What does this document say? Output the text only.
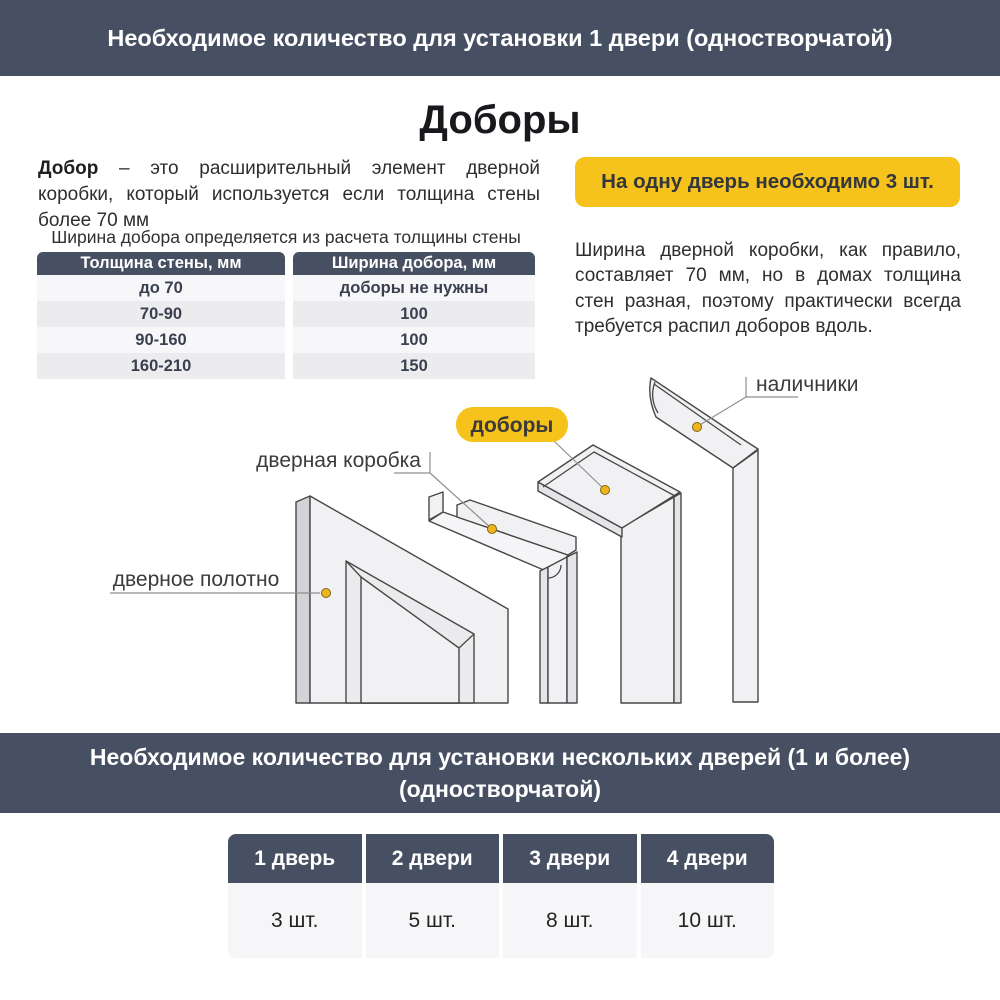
Необходимое количество для установки 1 двери (одностворчатой)
Доборы
Добор – это расширительный элемент дверной коробки, который используется если толщина стены более 70 мм
Ширина добора определяется из расчета толщины стены
Толщина стены, мм	Ширина добора, мм
до 70	доборы не нужны
70-90	100
90-160	100
160-210	150
На одну дверь необходимо 3 шт.
Ширина дверной коробки, как правило, составляет 70 мм, но в домах толщина стен разная, поэтому практически всегда требуется распил доборов вдоль.
дверное полотно
дверная коробка
доборы
наличники
Необходимое количество для установки нескольких дверей (1 и более)
(одностворчатой)
1 дверь	2 двери	3 двери	4 двери
3 шт.	5 шт.	8 шт.	10 шт.
